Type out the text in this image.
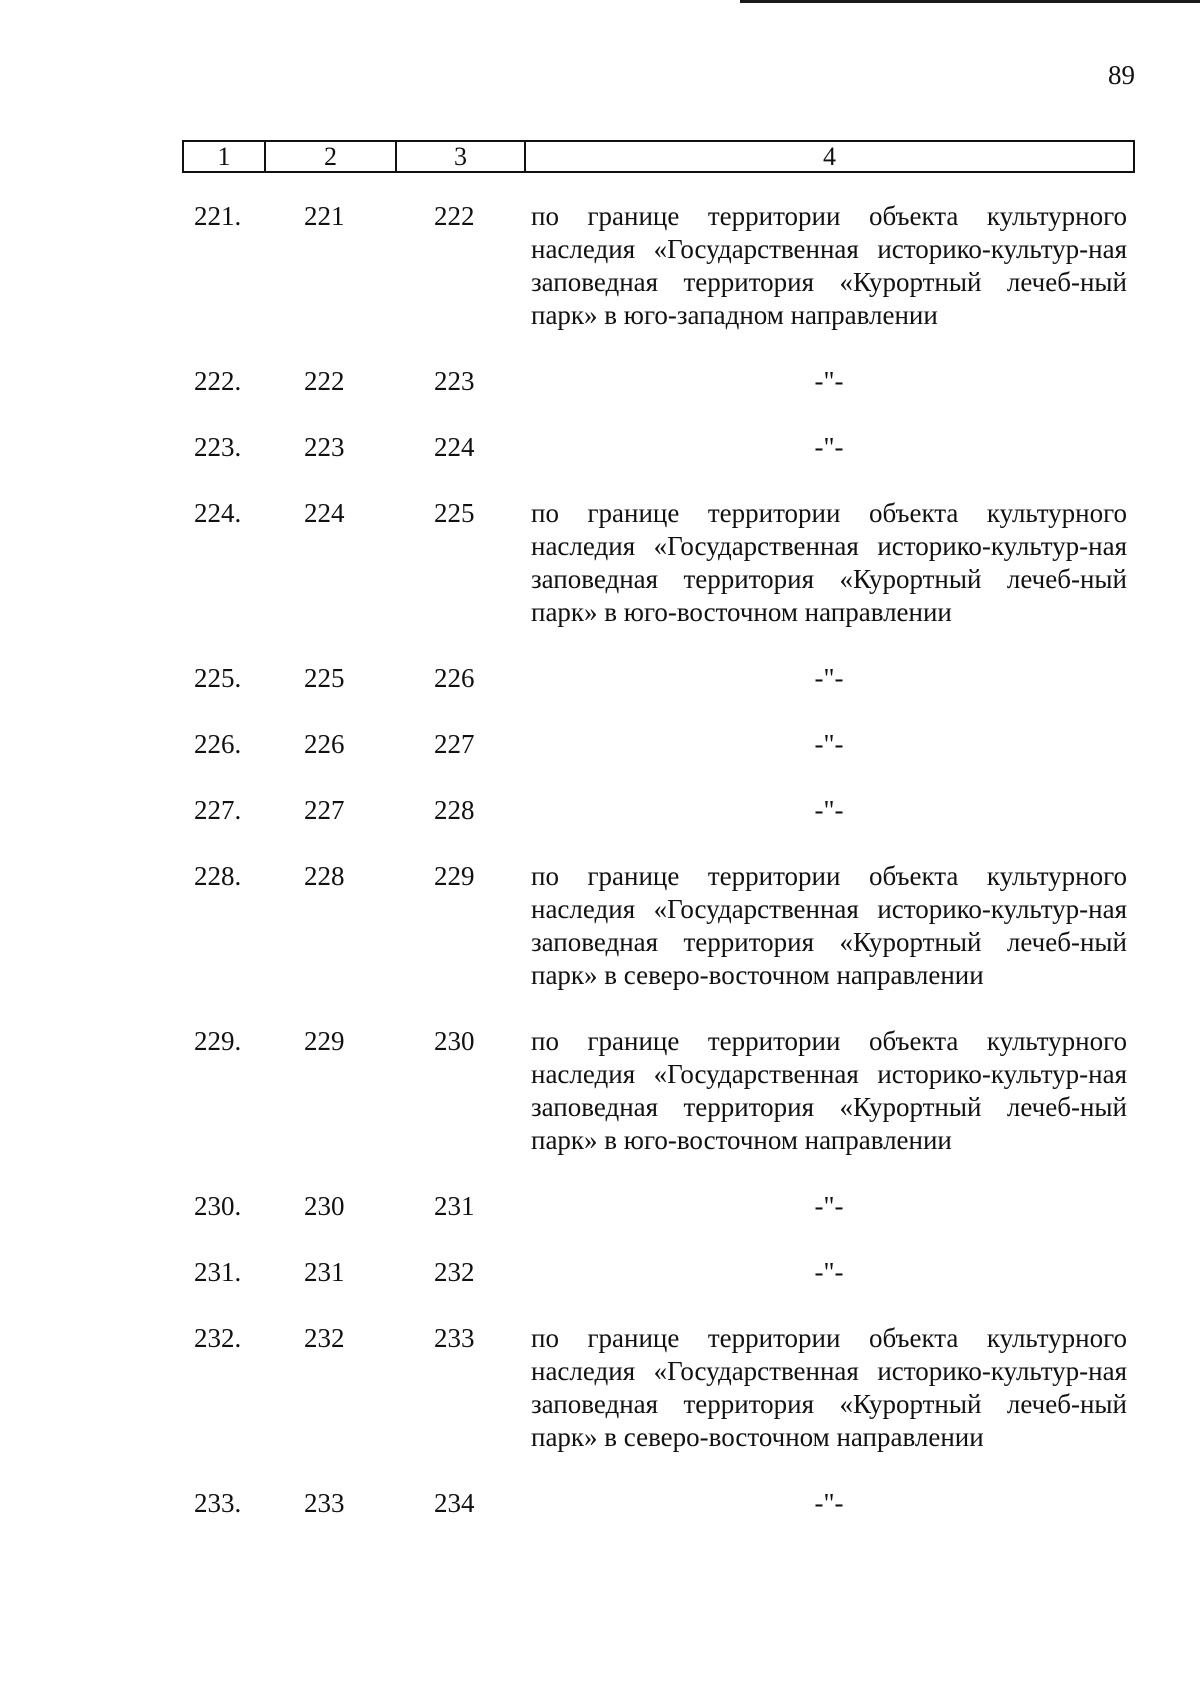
89
1	2	3	4
221. 221	222 по границе территории объекта культурного наследия «Государственная историко-культур-ная заповедная территория «Курортный лечеб-ный парк» в юго-западном направлении
222. 222	223	-"-
223. 223	224	-"-
224. 224	225 по границе территории объекта культурного наследия «Государственная историко-культур-ная заповедная территория «Курортный лечеб-ный парк» в юго-восточном направлении
225. 225	226	-"-
226. 226	227	-"-
227. 227	228	-"-
228. 228	229 по границе территории объекта культурного наследия «Государственная историко-культур-ная заповедная территория «Курортный лечеб-ный парк» в северо-восточном направлении
229. 229	230 по границе территории объекта культурного наследия «Государственная историко-культур-ная заповедная территория «Курортный лечеб-ный парк» в юго-восточном направлении
230. 230	231	-"-
231. 231	232	-"-
232. 232	233 по границе территории объекта культурного наследия «Государственная историко-культур-ная заповедная территория «Курортный лечеб-ный парк» в северо-восточном направлении
233. 233	234	-"-
